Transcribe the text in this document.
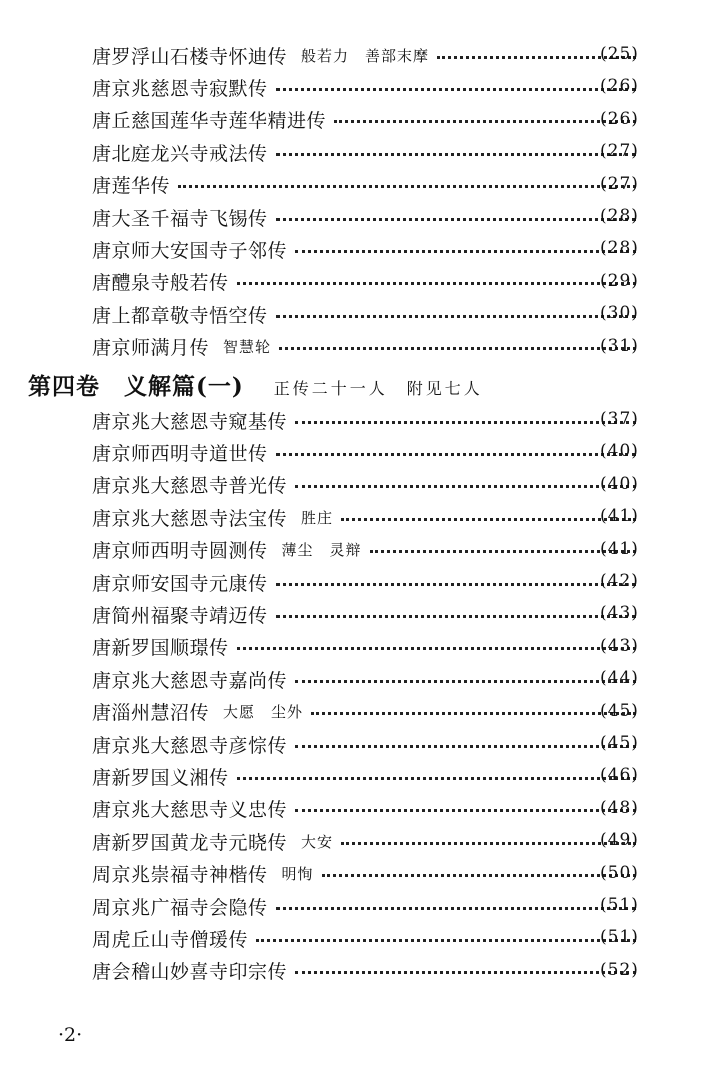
唐罗浮山石楼寺怀迪传 般若力　善部末摩	(25)
唐京兆慈恩寺寂默传	(26)
唐丘慈国莲华寺莲华精进传	(26)
唐北庭龙兴寺戒法传	(27)
唐莲华传	(27)
唐大圣千福寺飞锡传	(28)
唐京师大安国寺子邻传	(28)
唐醴泉寺般若传	(29)
唐上都章敬寺悟空传	(30)
唐京师满月传 智慧轮	(31)
第四卷　义解篇(一) 正传二十一人　附见七人
唐京兆大慈恩寺窥基传	(37)
唐京师西明寺道世传	(40)
唐京兆大慈恩寺普光传	(40)
唐京兆大慈恩寺法宝传 胜庄	(41)
唐京师西明寺圆测传 薄尘　灵辩	(41)
唐京师安国寺元康传	(42)
唐简州福聚寺靖迈传	(43)
唐新罗国顺璟传	(43)
唐京兆大慈恩寺嘉尚传	(44)
唐淄州慧沼传 大愿　尘外	(45)
唐京兆大慈恩寺彦悰传	(45)
唐新罗国义湘传	(46)
唐京兆大慈思寺义忠传	(48)
唐新罗国黄龙寺元晓传 大安	(49)
周京兆崇福寺神楷传 明恂	(50)
周京兆广福寺会隐传	(51)
周虎丘山寺僧瑗传	(51)
唐会稽山妙喜寺印宗传	(52)
·2·
